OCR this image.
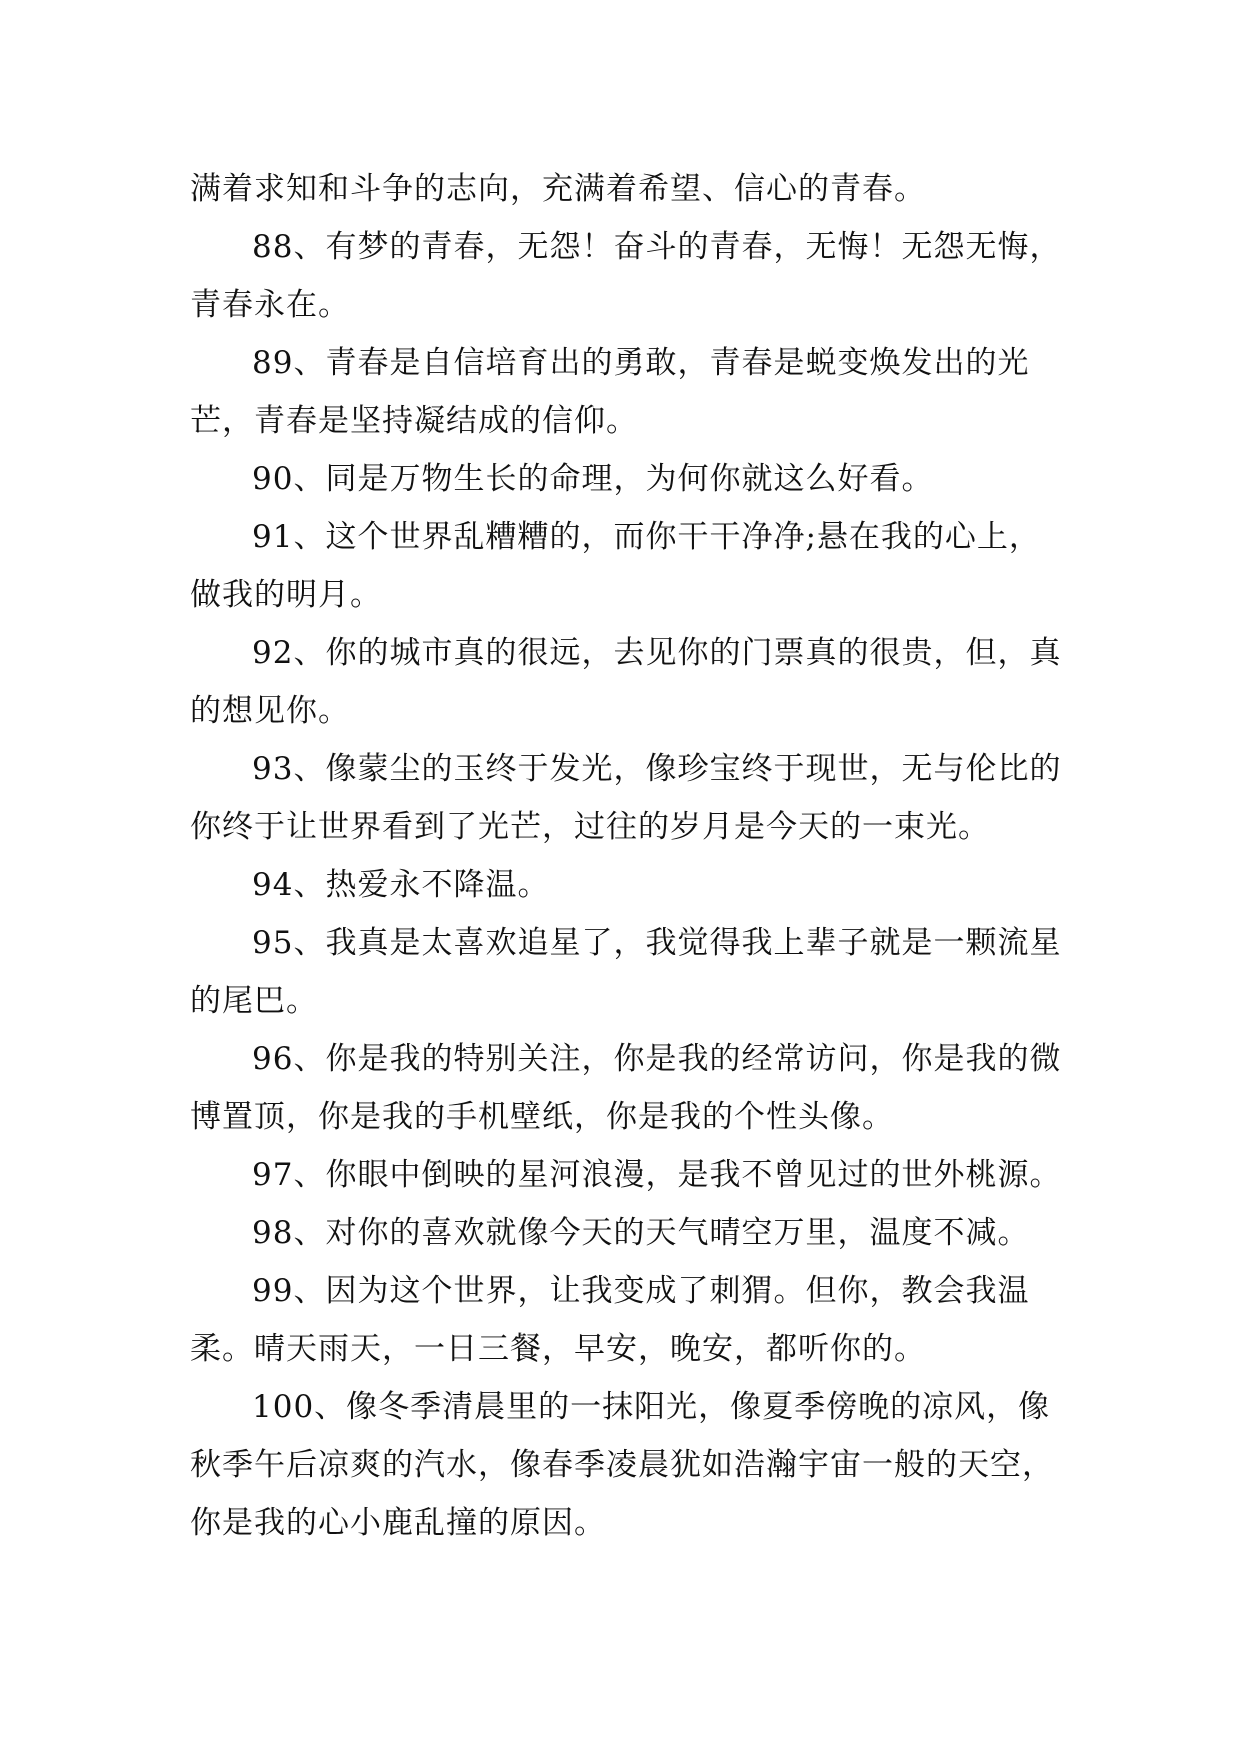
满着求知和斗争的志向，充满着希望、信心的青春。

88、有梦的青春，无怨！奋斗的青春，无悔！无怨无悔，青春永在。

89、青春是自信培育出的勇敢，青春是蜕变焕发出的光芒，青春是坚持凝结成的信仰。

90、同是万物生长的命理，为何你就这么好看。

91、这个世界乱糟糟的，而你干干净净;悬在我的心上，做我的明月。

92、你的城市真的很远，去见你的门票真的很贵，但，真的想见你。

93、像蒙尘的玉终于发光，像珍宝终于现世，无与伦比的你终于让世界看到了光芒，过往的岁月是今天的一束光。

94、热爱永不降温。

95、我真是太喜欢追星了，我觉得我上辈子就是一颗流星的尾巴。

96、你是我的特别关注，你是我的经常访问，你是我的微博置顶，你是我的手机壁纸，你是我的个性头像。

97、你眼中倒映的星河浪漫，是我不曾见过的世外桃源。

98、对你的喜欢就像今天的天气晴空万里，温度不减。

99、因为这个世界，让我变成了刺猬。但你，教会我温柔。晴天雨天，一日三餐，早安，晚安，都听你的。

100、像冬季清晨里的一抹阳光，像夏季傍晚的凉风，像秋季午后凉爽的汽水，像春季凌晨犹如浩瀚宇宙一般的天空，你是我的心小鹿乱撞的原因。
